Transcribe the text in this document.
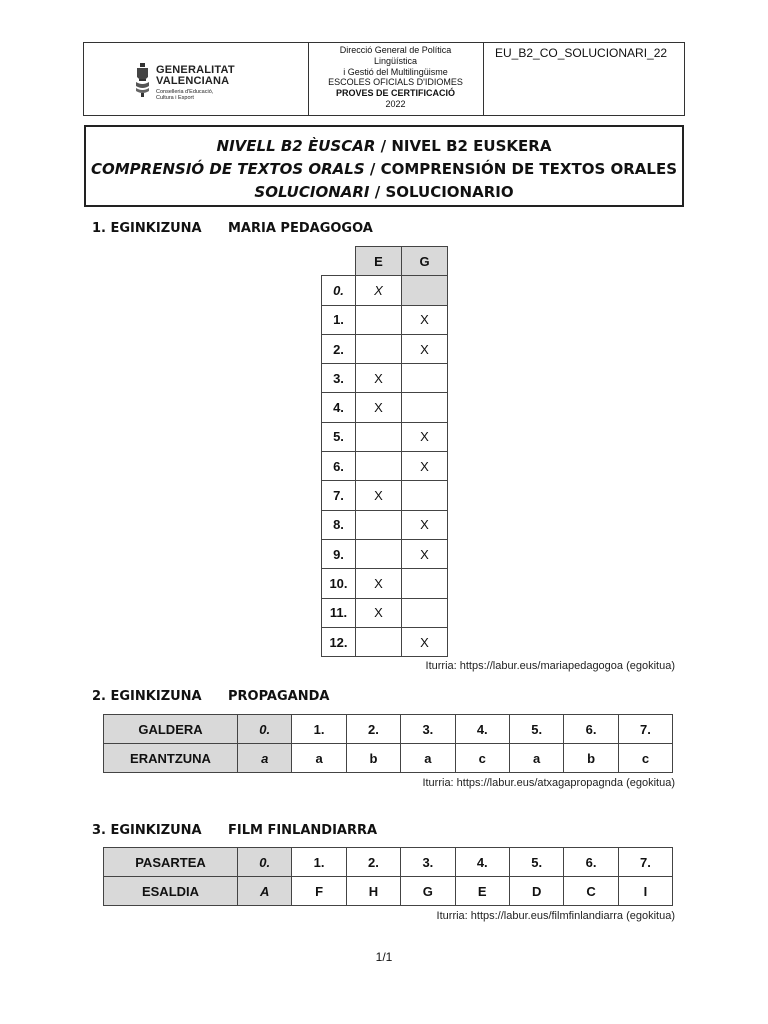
GENERALITAT
VALENCIANA
Conselleria d'Educació,
Cultura i Esport
Direcció General de Política
Lingüística
i Gestió del Multilingüisme
ESCOLES OFICIALS D'IDIOMES
PROVES DE CERTIFICACIÓ
2022
EU_B2_CO_SOLUCIONARI_22
NIVELL B2 ÈUSCAR / NIVEL B2 EUSKERA
COMPRENSIÓ DE TEXTOS ORALS / COMPRENSIÓN DE TEXTOS ORALES
SOLUCIONARI / SOLUCIONARIO
1. EGINKIZUNA MARIA PEDAGOGOA
	E	G
0.	X	
1.		X
2.		X
3.	X	
4.	X	
5.		X
6.		X
7.	X	
8.		X
9.		X
10.	X	
11.	X	
12.		X
Iturria: https://labur.eus/mariapedagogoa (egokitua)
2. EGINKIZUNA PROPAGANDA
GALDERA	0.	1.	2.	3.	4.	5.	6.	7.
ERANTZUNA	a	a	b	a	c	a	b	c
Iturria: https://labur.eus/atxagapropagnda (egokitua)
3. EGINKIZUNA FILM FINLANDIARRA
PASARTEA	0.	1.	2.	3.	4.	5.	6.	7.
ESALDIA	A	F	H	G	E	D	C	I
Iturria: https://labur.eus/filmfinlandiarra (egokitua)
1/1
